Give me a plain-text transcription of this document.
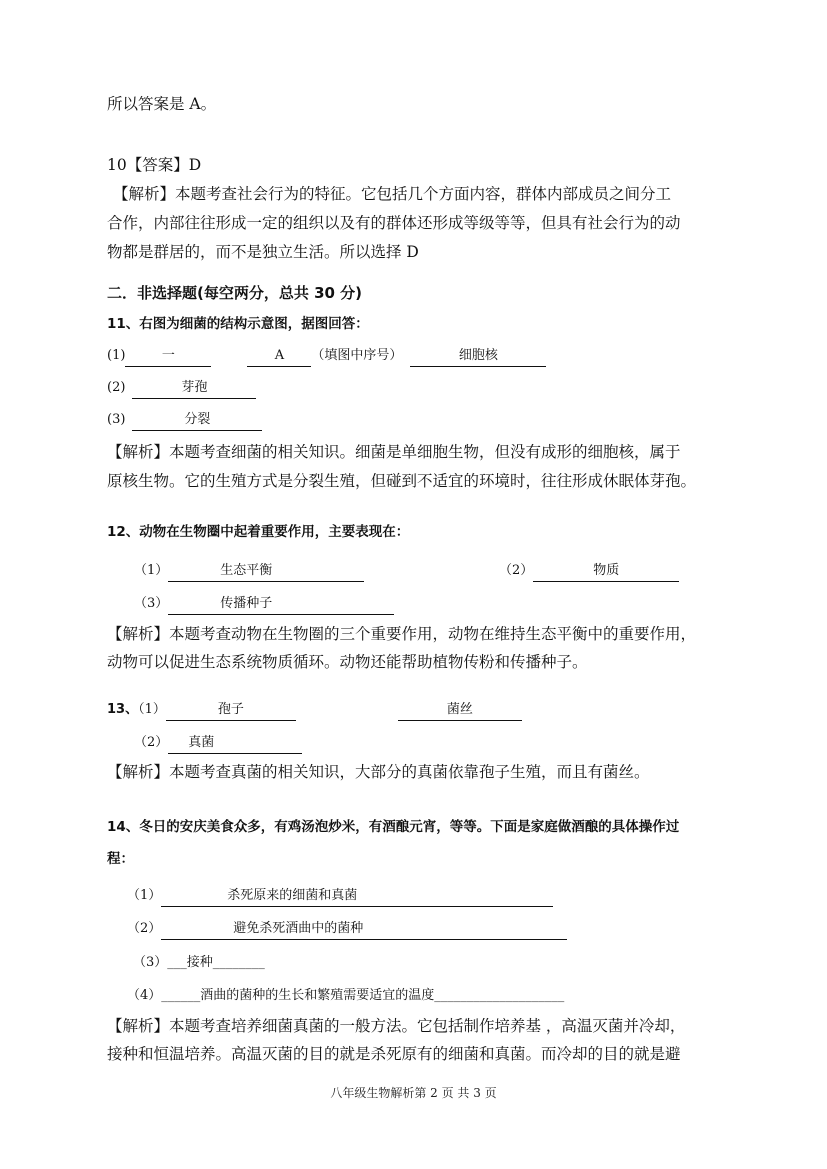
所以答案是 A。
10【答案】D
【解析】本题考查社会行为的特征。它包括几个方面内容，群体内部成员之间分工
合作，内部往往形成一定的组织以及有的群体还形成等级等等，但具有社会行为的动
物都是群居的，而不是独立生活。所以选择 D
二．非选择题(每空两分，总共 30 分)
11、右图为细菌的结构示意图，据图回答：
(1)	一	A （填图中序号）	细胞核
(2)	芽孢
(3)	分裂
【解析】本题考查细菌的相关知识。细菌是单细胞生物，但没有成形的细胞核，属于
原核生物。它的生殖方式是分裂生殖，但碰到不适宜的环境时，往往形成休眠体芽孢。
12、动物在生物圈中起着重要作用，主要表现在：
（1）	生态平衡	（2）	物质
（3）	传播种子
【解析】本题考查动物在生物圈的三个重要作用，动物在维持生态平衡中的重要作用，
动物可以促进生态系统物质循环。动物还能帮助植物传粉和传播种子。
13、（1）	孢子	菌丝
（2） 真菌
【解析】本题考查真菌的相关知识，大部分的真菌依靠孢子生殖，而且有菌丝。
14、冬日的安庆美食众多，有鸡汤泡炒米，有酒酿元宵，等等。下面是家庭做酒酿的具体操作过
程：
（1）	杀死原来的细菌和真菌
（2）	避免杀死酒曲中的菌种
（3）___接种________
（4）______酒曲的菌种的生长和繁殖需要适宜的温度____________________
【解析】本题考查培养细菌真菌的一般方法。它包括制作培养基 ，高温灭菌并冷却，
接种和恒温培养。高温灭菌的目的就是杀死原有的细菌和真菌。而冷却的目的就是避
八年级生物解析第 2 页 共 3 页
